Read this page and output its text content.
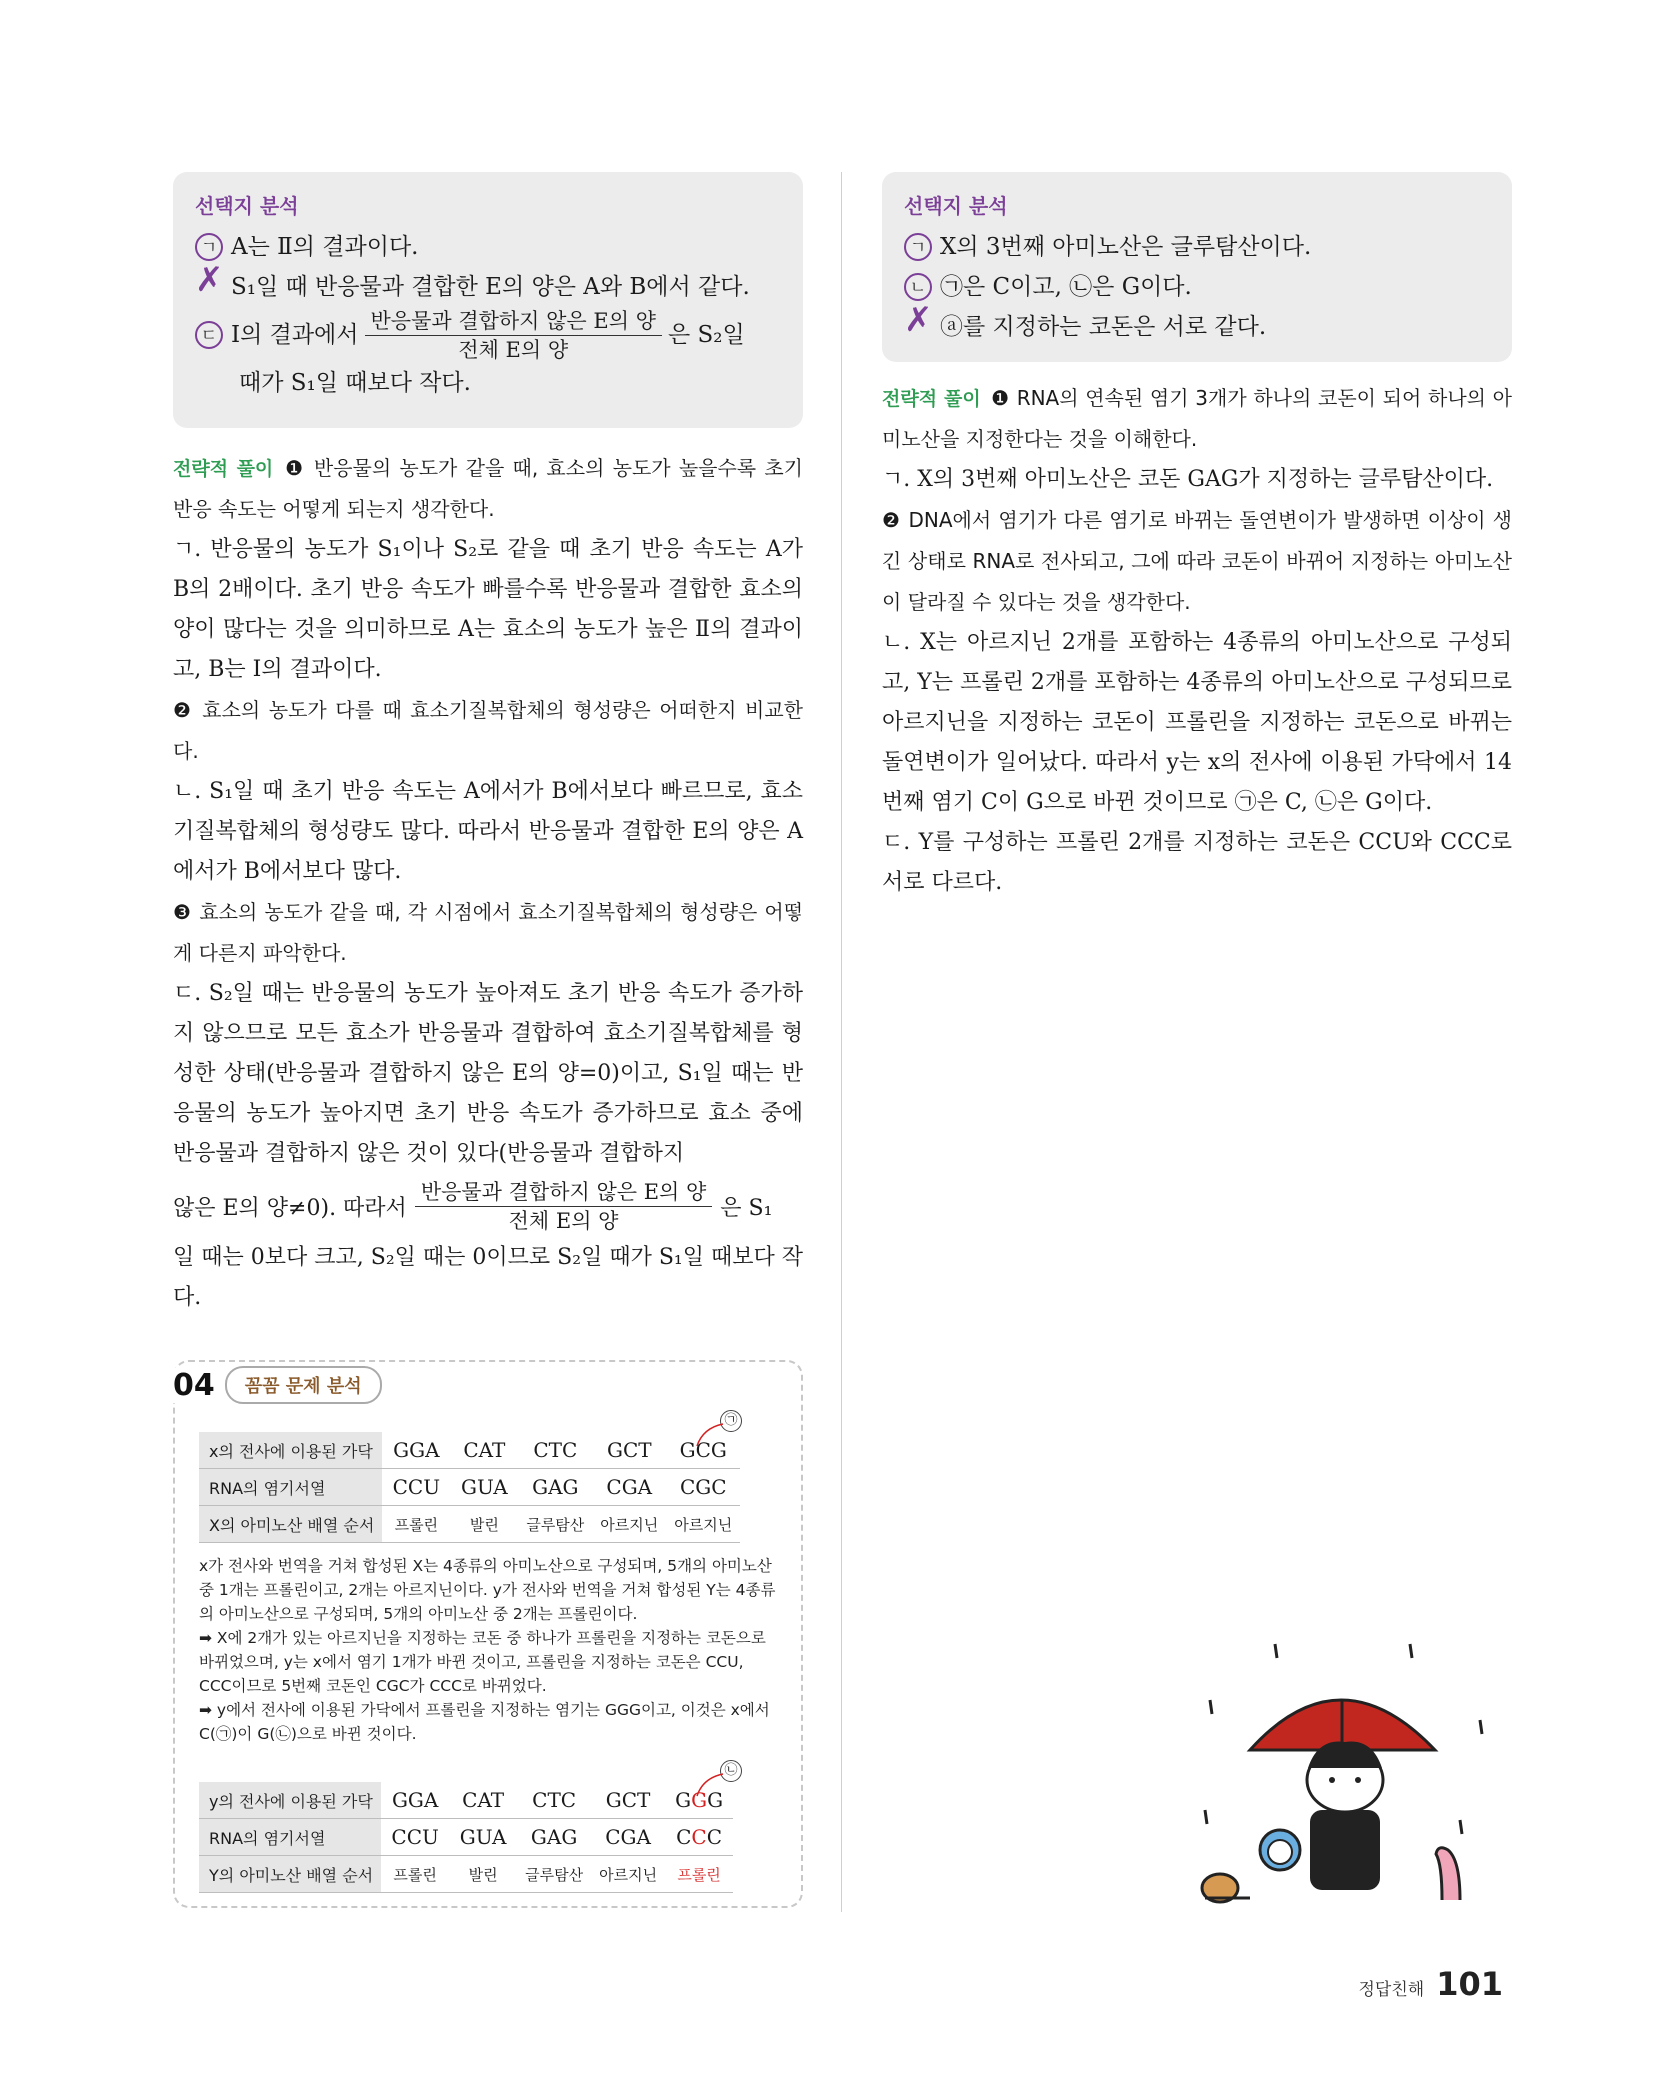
선택지 분석
ㄱ A는 Ⅱ의 결과이다.
✗
S₁일 때 반응물과 결합한 E의 양은 A와 B에서 같다.
ㄷ Ⅰ의 결과에서 $\frac{\text{반응물과 결합하지 않은 E의 양}}{\text{전체 E의 양}}$ 은 S₂일
때가 S₁일 때보다 작다.

전략적 풀이 ❶ 반응물의 농도가 같을 때, 효소의 농도가 높을수록 초기 반응 속도는 어떻게 되는지 생각한다.

ㄱ. 반응물의 농도가 S₁이나 S₂로 같을 때 초기 반응 속도는 A가 B의 2배이다. 초기 반응 속도가 빠를수록 반응물과 결합한 효소의 양이 많다는 것을 의미하므로 A는 효소의 농도가 높은 Ⅱ의 결과이고, B는 Ⅰ의 결과이다.

❷ 효소의 농도가 다를 때 효소기질복합체의 형성량은 어떠한지 비교한다.

ㄴ. S₁일 때 초기 반응 속도는 A에서가 B에서보다 빠르므로, 효소기질복합체의 형성량도 많다. 따라서 반응물과 결합한 E의 양은 A에서가 B에서보다 많다.

❸ 효소의 농도가 같을 때, 각 시점에서 효소기질복합체의 형성량은 어떻게 다른지 파악한다.

ㄷ. S₂일 때는 반응물의 농도가 높아져도 초기 반응 속도가 증가하지 않으므로 모든 효소가 반응물과 결합하여 효소기질복합체를 형성한 상태(반응물과 결합하지 않은 E의 양=0)이고, S₁일 때는 반응물의 농도가 높아지면 초기 반응 속도가 증가하므로 효소 중에 반응물과 결합하지 않은 것이 있다(반응물과 결합하지

않은 E의 양≠0). 따라서 $\frac{\text{반응물과 결합하지 않은 E의 양}}{\text{전체 E의 양}}$ 은 S₁

일 때는 0보다 크고, S₂일 때는 0이므로 S₂일 때가 S₁일 때보다 작다.

04	꼼꼼 문제 분석
㉠
x의 전사에 이용된 가닥	GGA	CAT	CTC	GCT	GCG
RNA의 염기서열	CCU	GUA	GAG	CGA	CGC
X의 아미노산 배열 순서	프롤린	발린	글루탐산	아르지닌	아르지닌
x가 전사와 번역을 거쳐 합성된 X는 4종류의 아미노산으로 구성되며, 5개의 아미노산 중 1개는 프롤린이고, 2개는 아르지닌이다. y가 전사와 번역을 거쳐 합성된 Y는 4종류의 아미노산으로 구성되며, 5개의 아미노산 중 2개는 프롤린이다.
➡ X에 2개가 있는 아르지닌을 지정하는 코돈 중 하나가 프롤린을 지정하는 코돈으로 바뀌었으며, y는 x에서 염기 1개가 바뀐 것이고, 프롤린을 지정하는 코돈은 CCU, CCC이므로 5번째 코돈인 CGC가 CCC로 바뀌었다.
➡ y에서 전사에 이용된 가닥에서 프롤린을 지정하는 염기는 GGG이고, 이것은 x에서 C(㉠)이 G(㉡)으로 바뀐 것이다.
㉡
y의 전사에 이용된 가닥	GGA	CAT	CTC	GCT	GGG
RNA의 염기서열	CCU	GUA	GAG	CGA	CCC
Y의 아미노산 배열 순서	프롤린	발린	글루탐산	아르지닌	프롤린
선택지 분석
ㄱ X의 3번째 아미노산은 글루탐산이다.
ㄴ ㉠은 C이고, ㉡은 G이다.
✗
ⓐ를 지정하는 코돈은 서로 같다.

전략적 풀이 ❶ RNA의 연속된 염기 3개가 하나의 코돈이 되어 하나의 아미노산을 지정한다는 것을 이해한다.

ㄱ. X의 3번째 아미노산은 코돈 GAG가 지정하는 글루탐산이다.

❷ DNA에서 염기가 다른 염기로 바뀌는 돌연변이가 발생하면 이상이 생긴 상태로 RNA로 전사되고, 그에 따라 코돈이 바뀌어 지정하는 아미노산이 달라질 수 있다는 것을 생각한다.

ㄴ. X는 아르지닌 2개를 포함하는 4종류의 아미노산으로 구성되고, Y는 프롤린 2개를 포함하는 4종류의 아미노산으로 구성되므로 아르지닌을 지정하는 코돈이 프롤린을 지정하는 코돈으로 바뀌는 돌연변이가 일어났다. 따라서 y는 x의 전사에 이용된 가닥에서 14번째 염기 C이 G으로 바뀐 것이므로 ㉠은 C, ㉡은 G이다.

ㄷ. Y를 구성하는 프롤린 2개를 지정하는 코돈은 CCU와 CCC로 서로 다르다.

정답친해 101
